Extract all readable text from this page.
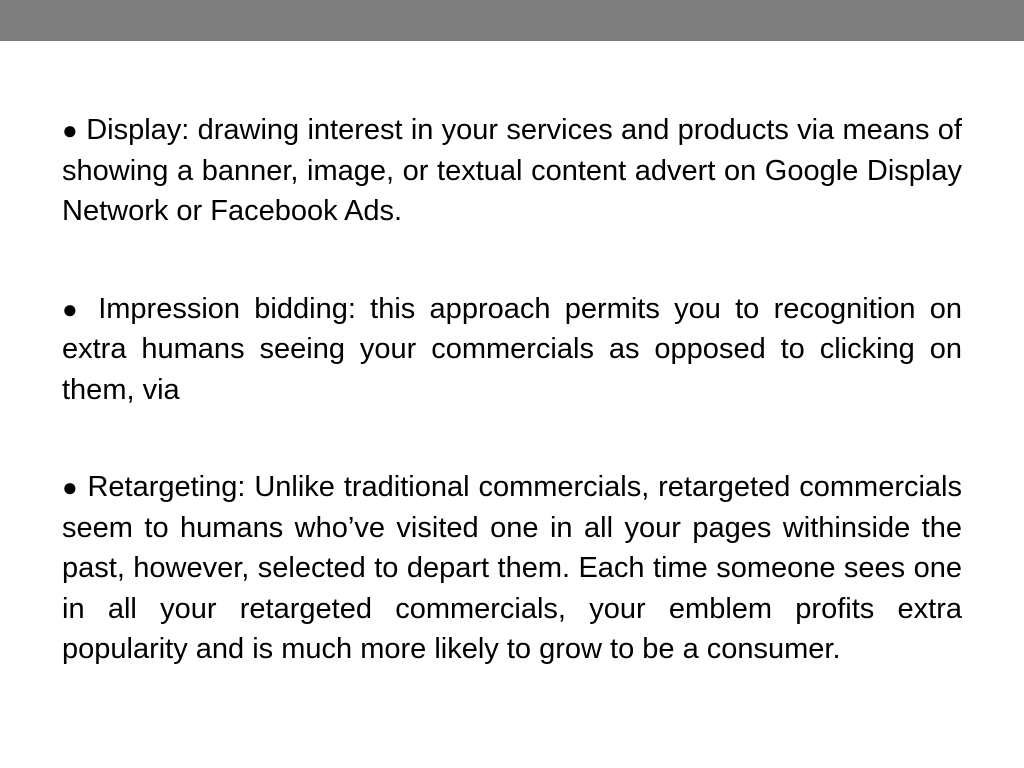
● Display: drawing interest in your services and products via means of showing a banner, image, or textual content advert on Google Display Network or Facebook Ads.

● Impression bidding: this approach permits you to recognition on extra humans seeing your commercials as opposed to clicking on them, via

● Retargeting: Unlike traditional commercials, retargeted commercials seem to humans who’ve visited one in all your pages withinside the past, however, selected to depart them. Each time someone sees one in all your retargeted commercials, your emblem profits extra popularity and is much more likely to grow to be a consumer.
